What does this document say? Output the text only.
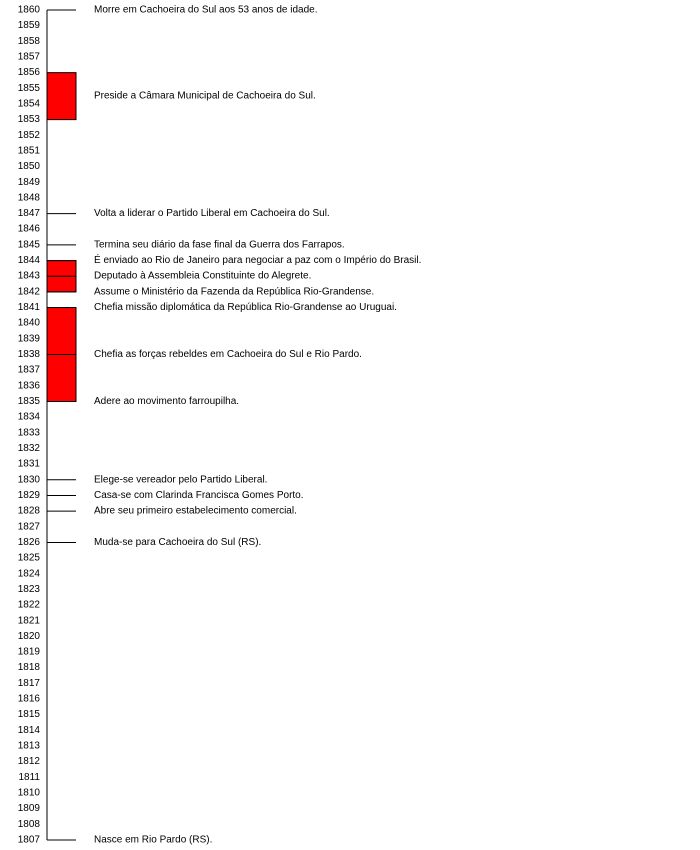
1807
1808
1809
1810
1811
1812
1813
1814
1815
1816
1817
1818
1819
1820
1821
1822
1823
1824
1825
1826
1827
1828
1829
1830
1831
1832
1833
1834
1835
1836
1837
1838
1839
1840
1841
1842
1843
1844
1845
1846
1847
1848
1849
1850
1851
1852
1853
1854
1855
1856
1857
1858
1859
1860	Morre em Cachoeira do Sul aos 53 anos de idade.
Preside a Câmara Municipal de Cachoeira do Sul.
Volta a liderar o Partido Liberal em Cachoeira do Sul.
Termina seu diário da fase final da Guerra dos Farrapos.
É enviado ao Rio de Janeiro para negociar a paz com o Império do Brasil.
Deputado à Assembleia Constituinte do Alegrete.
Assume o Ministério da Fazenda da República Rio-Grandense.
Chefia missão diplomática da República Rio-Grandense ao Uruguai.
Chefia as forças rebeldes em Cachoeira do Sul e Rio Pardo.
Adere ao movimento farroupilha.
Elege-se vereador pelo Partido Liberal.
Casa-se com Clarinda Francisca Gomes Porto.
Abre seu primeiro estabelecimento comercial.
Muda-se para Cachoeira do Sul (RS).
Nasce em Rio Pardo (RS).
